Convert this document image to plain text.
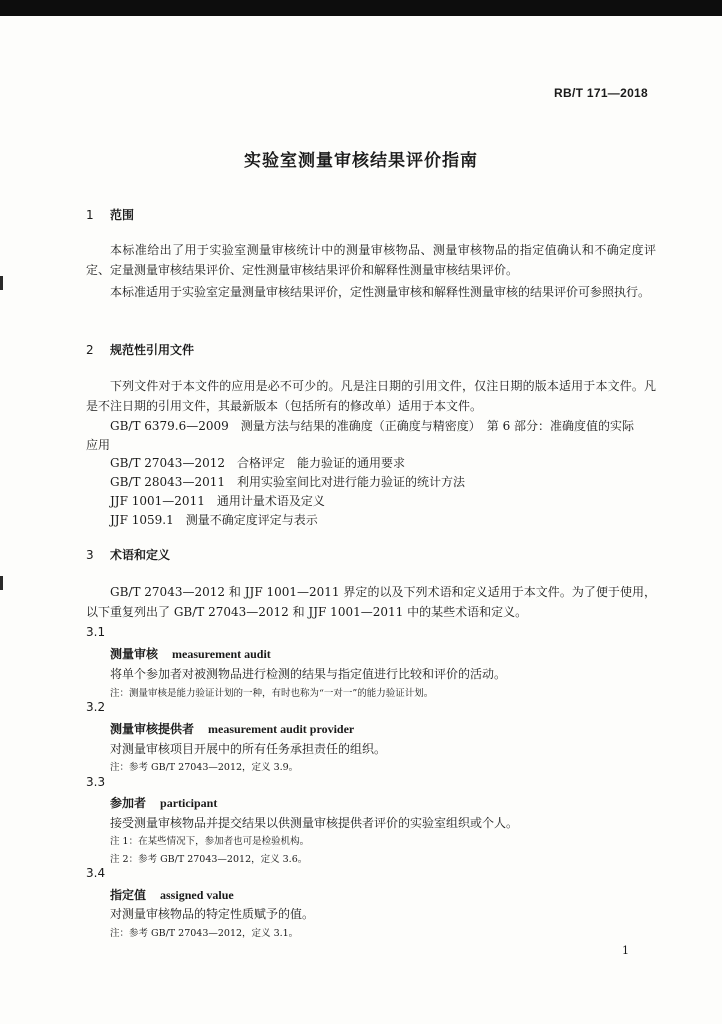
RB/T 171—2018
实验室测量审核结果评价指南
1 范围
本标准给出了用于实验室测量审核统计中的测量审核物品、测量审核物品的指定值确认和不确定度评定、定量测量审核结果评价、定性测量审核结果评价和解释性测量审核结果评价。
本标准适用于实验室定量测量审核结果评价，定性测量审核和解释性测量审核的结果评价可参照执行。
2 规范性引用文件
下列文件对于本文件的应用是必不可少的。凡是注日期的引用文件，仅注日期的版本适用于本文件。凡是不注日期的引用文件，其最新版本（包括所有的修改单）适用于本文件。
GB/T 6379.6—2009　测量方法与结果的准确度（正确度与精密度）　第 6 部分：准确度值的实际
应用
GB/T 27043—2012　合格评定　能力验证的通用要求
GB/T 28043—2011　利用实验室间比对进行能力验证的统计方法
JJF 1001—2011　通用计量术语及定义
JJF 1059.1　测量不确定度评定与表示
3 术语和定义
GB/T 27043—2012 和 JJF 1001—2011 界定的以及下列术语和定义适用于本文件。为了便于使用，以下重复列出了 GB/T 27043—2012 和 JJF 1001—2011 中的某些术语和定义。
3.1
测量审核 measurement audit
将单个参加者对被测物品进行检测的结果与指定值进行比较和评价的活动。
注：测量审核是能力验证计划的一种，有时也称为“一对一”的能力验证计划。
3.2
测量审核提供者 measurement audit provider
对测量审核项目开展中的所有任务承担责任的组织。
注：参考 GB/T 27043—2012，定义 3.9。
3.3
参加者 participant
接受测量审核物品并提交结果以供测量审核提供者评价的实验室组织或个人。
注 1：在某些情况下，参加者也可是检验机构。
注 2：参考 GB/T 27043—2012，定义 3.6。
3.4
指定值 assigned value
对测量审核物品的特定性质赋予的值。
注：参考 GB/T 27043—2012，定义 3.1。
1
